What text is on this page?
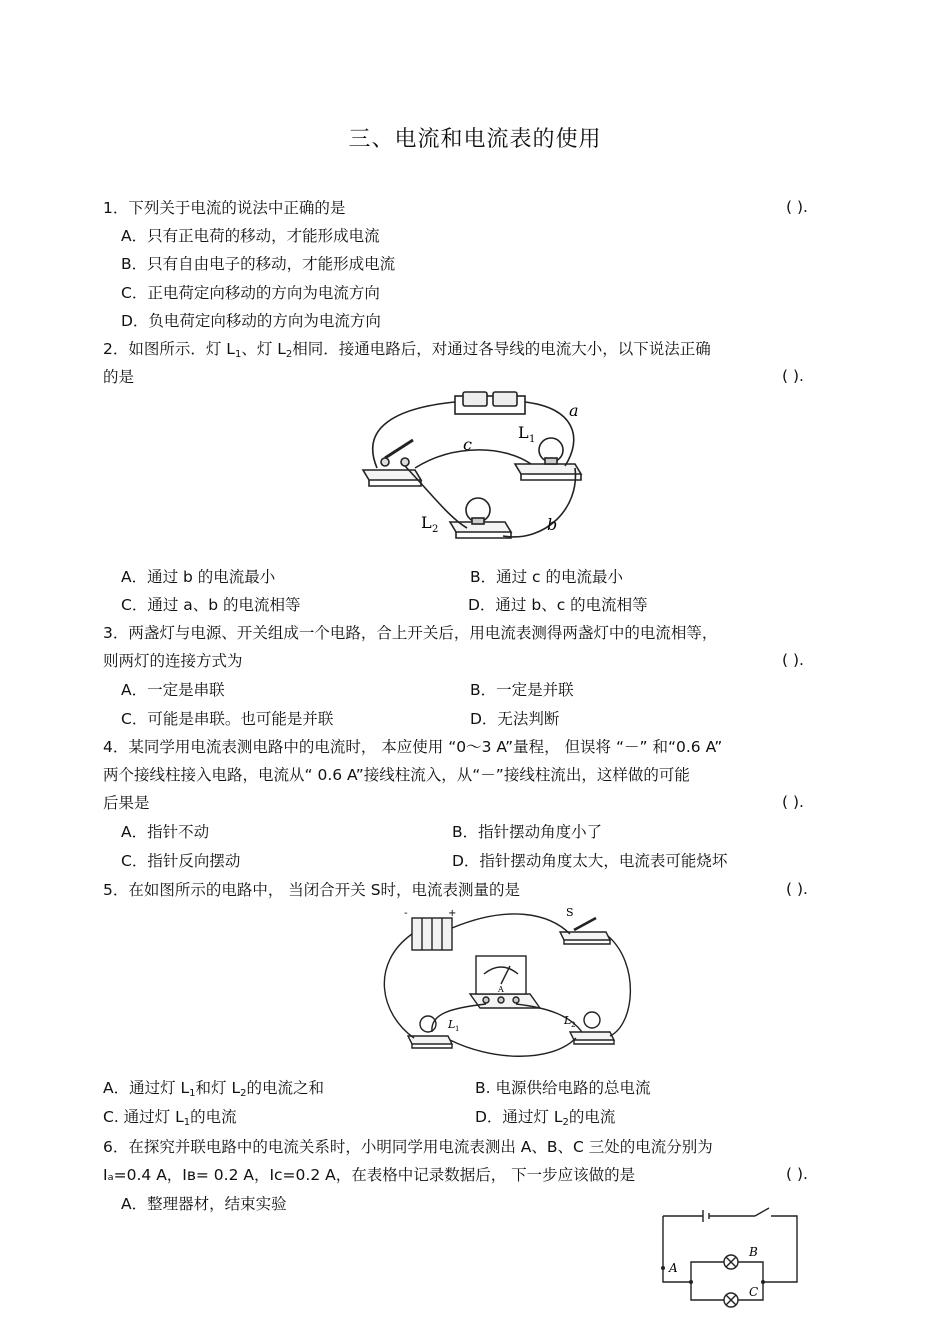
三、电流和电流表的使用
1．下列关于电流的说法中正确的是	( ).
A．只有正电荷的移动，才能形成电流
B．只有自由电子的移动，才能形成电流
C．正电荷定向移动的方向为电流方向
D．负电荷定向移动的方向为电流方向
2．如图所示．灯 $L_1$、灯 $L_2$相同．接通电路后，对通过各导线的电流大小，以下说法正确
的是	( ).
a
c
b
L 1
L 2
A．通过 b 的电流最小	B．通过 c 的电流最小
C．通过 a、b 的电流相等	D．通过 b、c 的电流相等
3．两盏灯与电源、开关组成一个电路，合上开关后，用电流表测得两盏灯中的电流相等，
则两灯的连接方式为	( ).
A．一定是串联	B．一定是并联
C．可能是串联。也可能是并联	D．无法判断
4．某同学用电流表测电路中的电流时， 本应使用 “0～3 A”量程， 但误将 “－” 和“0.6 A”
两个接线柱接入电路，电流从“ 0.6 A”接线柱流入，从“－”接线柱流出，这样做的可能
后果是	( ).
A．指针不动	B．指针摆动角度小了
C．指针反向摆动	D．指针摆动角度太大，电流表可能烧坏
5．在如图所示的电路中， 当闭合开关 S时，电流表测量的是	( ).
-	+	S
A
L 1
L 2
A．通过灯 $L_1$和灯 $L_2$的电流之和	B. 电源供给电路的总电流
C. 通过灯 $L_1$的电流	D．通过灯 $L_2$的电流
6．在探究并联电路中的电流关系时，小明同学用电流表测出 A、B、C 三处的电流分别为
Iₐ=0.4 A，Iʙ= 0.2 A，Iᴄ=0.2 A，在表格中记录数据后， 下一步应该做的是	( ).
A．整理器材，结束实验
A
B
C
